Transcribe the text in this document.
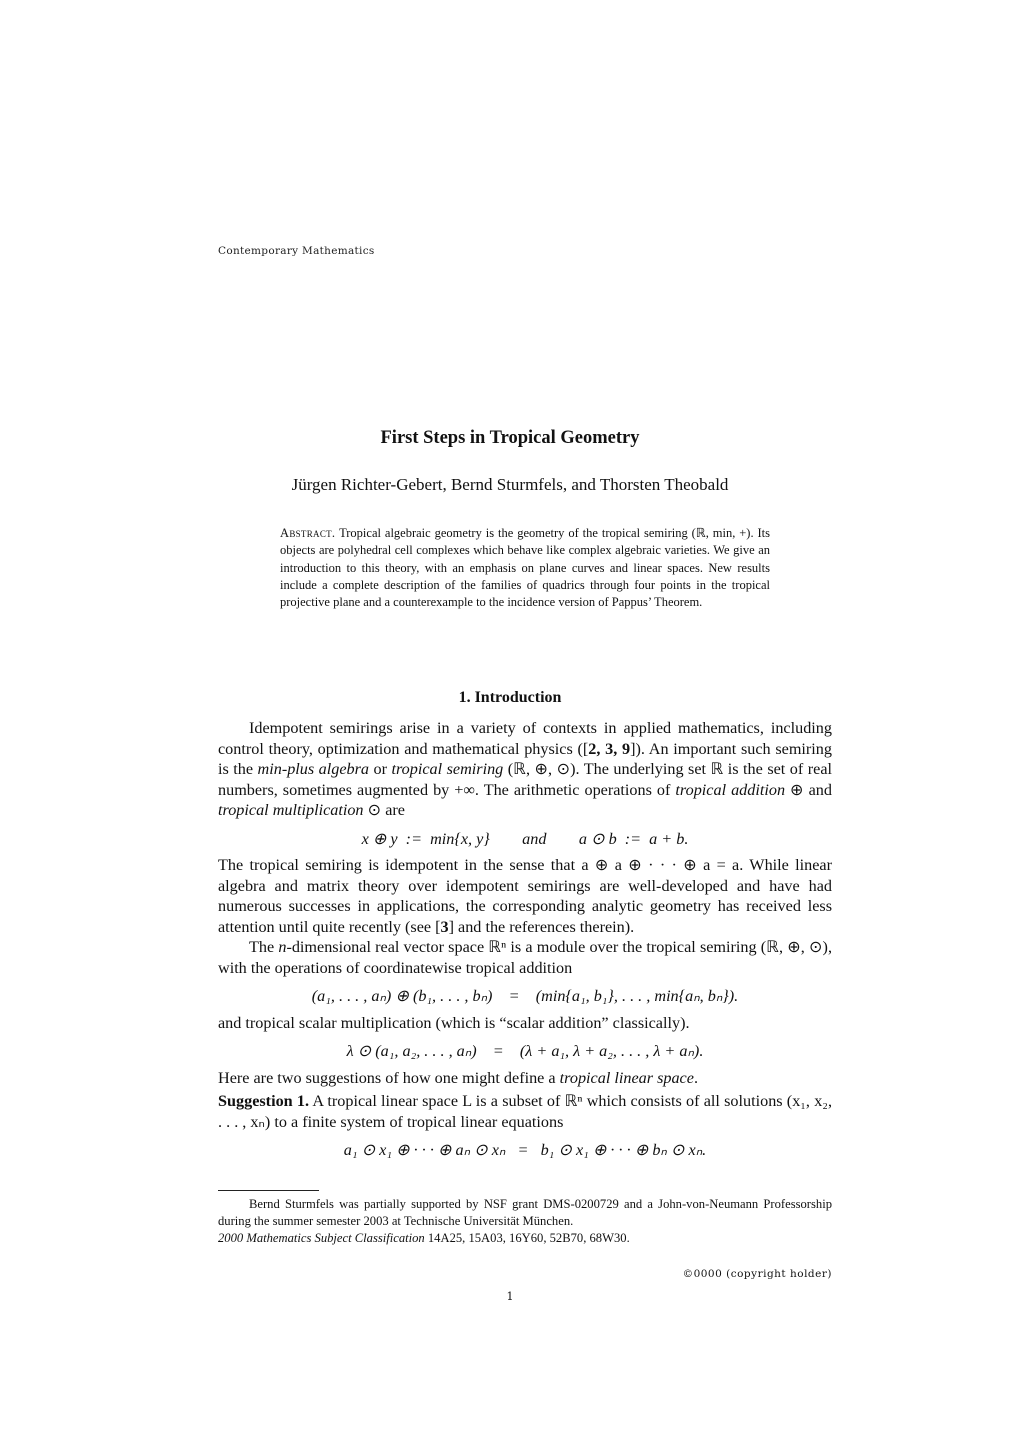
Contemporary Mathematics
First Steps in Tropical Geometry
Jürgen Richter-Gebert, Bernd Sturmfels, and Thorsten Theobald
Abstract. Tropical algebraic geometry is the geometry of the tropical semiring (ℝ, min, +). Its objects are polyhedral cell complexes which behave like complex algebraic varieties. We give an introduction to this theory, with an emphasis on plane curves and linear spaces. New results include a complete description of the families of quadrics through four points in the tropical projective plane and a counterexample to the incidence version of Pappus’ Theorem.
1. Introduction

Idempotent semirings arise in a variety of contexts in applied mathematics, including control theory, optimization and mathematical physics ([2, 3, 9]). An important such semiring is the min-plus algebra or tropical semiring (ℝ, ⊕, ⊙). The underlying set ℝ is the set of real numbers, sometimes augmented by +∞. The arithmetic operations of tropical addition ⊕ and tropical multiplication ⊙ are

x ⊕ y  :=  min{x, y}        and        a ⊙ b  :=  a + b.

The tropical semiring is idempotent in the sense that a ⊕ a ⊕ · · · ⊕ a = a. While linear algebra and matrix theory over idempotent semirings are well-developed and have had numerous successes in applications, the corresponding analytic geometry has received less attention until quite recently (see [3] and the references therein).

The n-dimensional real vector space ℝⁿ is a module over the tropical semiring (ℝ, ⊕, ⊙), with the operations of coordinatewise tropical addition

(a₁, . . . , aₙ) ⊕ (b₁, . . . , bₙ)    =    (min{a₁, b₁}, . . . , min{aₙ, bₙ}).

and tropical scalar multiplication (which is “scalar addition” classically).

λ ⊙ (a₁, a₂, . . . , aₙ)    =    (λ + a₁, λ + a₂, . . . , λ + aₙ).

Here are two suggestions of how one might define a tropical linear space.

Suggestion 1. A tropical linear space L is a subset of ℝⁿ which consists of all solutions (x₁, x₂, . . . , xₙ) to a finite system of tropical linear equations

a₁ ⊙ x₁ ⊕ · · · ⊕ aₙ ⊙ xₙ   =   b₁ ⊙ x₁ ⊕ · · · ⊕ bₙ ⊙ xₙ.

Bernd Sturmfels was partially supported by NSF grant DMS-0200729 and a John-von-Neumann Professorship during the summer semester 2003 at Technische Universität München.

2000 Mathematics Subject Classification 14A25, 15A03, 16Y60, 52B70, 68W30.

©0000 (copyright holder)
1
